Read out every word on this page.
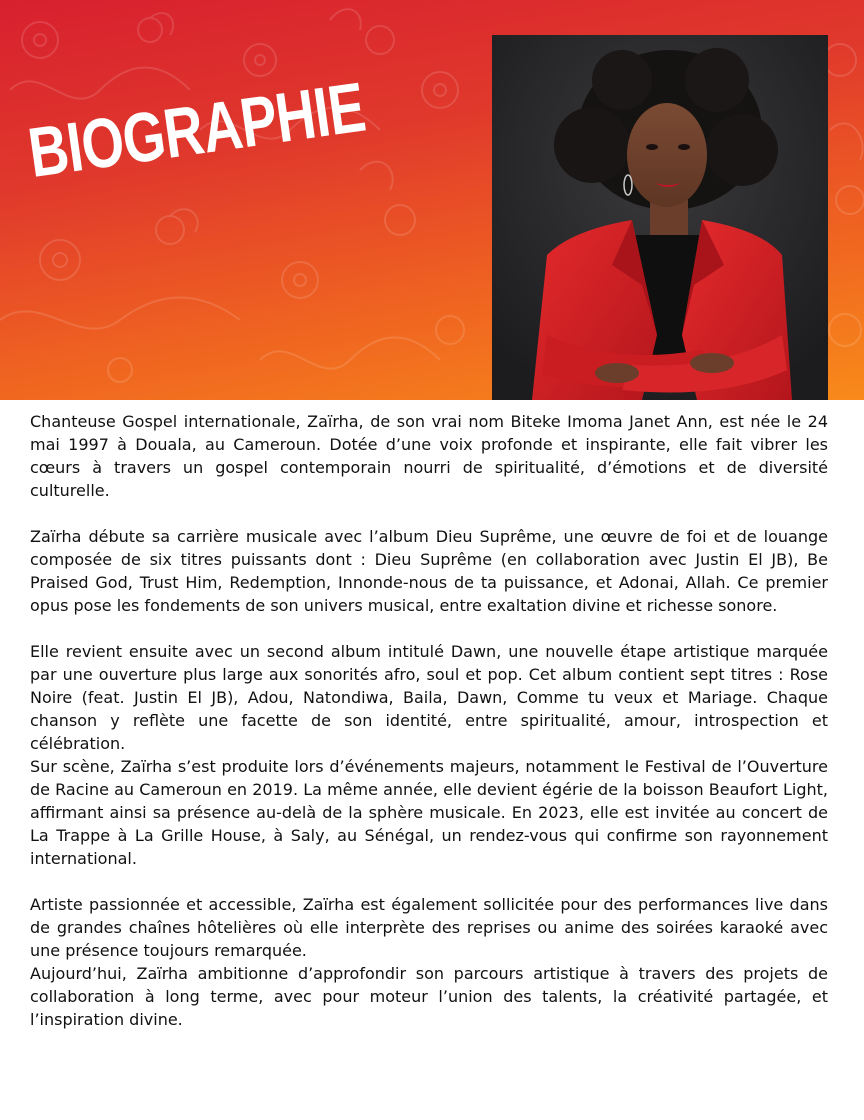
BIOGRAPHIE

Chanteuse Gospel internationale, Zaïrha, de son vrai nom Biteke Imoma Janet Ann, est née le 24 mai 1997 à Douala, au Cameroun. Dotée d’une voix profonde et inspirante, elle fait vibrer les cœurs à travers un gospel contemporain nourri de spiritualité, d’émotions et de diversité culturelle.

Zaïrha débute sa carrière musicale avec l’album Dieu Suprême, une œuvre de foi et de louange composée de six titres puissants dont : Dieu Suprême (en collaboration avec Justin El JB), Be Praised God, Trust Him, Redemption, Innonde-nous de ta puissance, et Adonai, Allah. Ce premier opus pose les fondements de son univers musical, entre exaltation divine et richesse sonore.

Elle revient ensuite avec un second album intitulé Dawn, une nouvelle étape artistique marquée par une ouverture plus large aux sonorités afro, soul et pop. Cet album contient sept titres : Rose Noire (feat. Justin El JB), Adou, Natondiwa, Baila, Dawn, Comme tu veux et Mariage. Chaque chanson y reflète une facette de son identité, entre spiritualité, amour, introspection et célébration.

Sur scène, Zaïrha s’est produite lors d’événements majeurs, notamment le Festival de l’Ouverture de Racine au Cameroun en 2019. La même année, elle devient égérie de la boisson Beaufort Light, affirmant ainsi sa présence au-delà de la sphère musicale. En 2023, elle est invitée au concert de La Trappe à La Grille House, à Saly, au Sénégal, un rendez-vous qui confirme son rayonnement international.

Artiste passionnée et accessible, Zaïrha est également sollicitée pour des performances live dans de grandes chaînes hôtelières où elle interprète des reprises ou anime des soirées karaoké avec une présence toujours remarquée.

Aujourd’hui, Zaïrha ambitionne d’approfondir son parcours artistique à travers des projets de collaboration à long terme, avec pour moteur l’union des talents, la créativité partagée, et l’inspiration divine.
